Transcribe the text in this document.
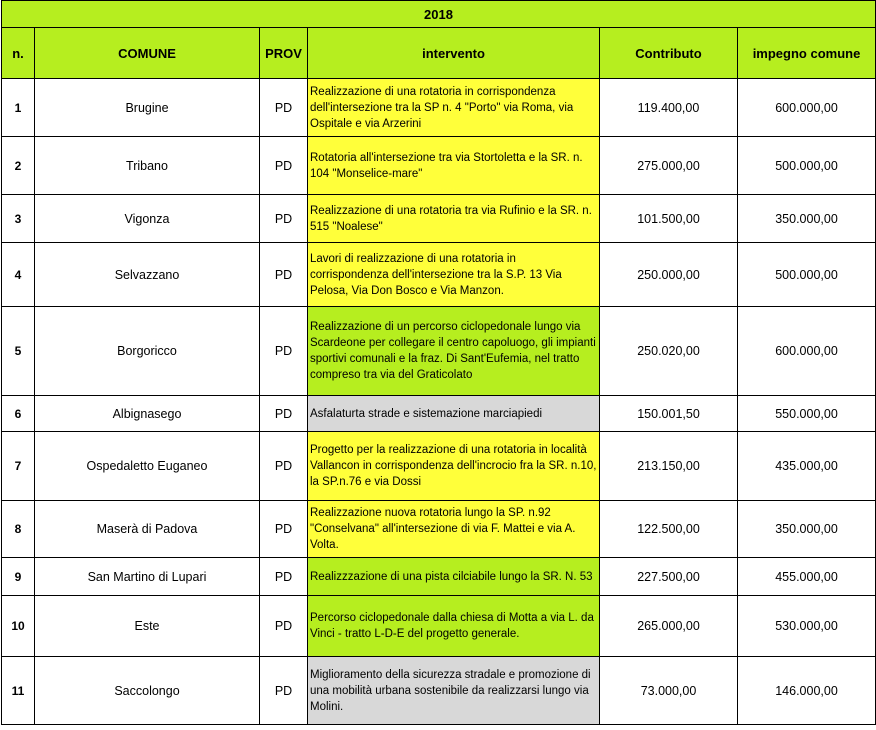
2018					
n.	COMUNE	PROV	intervento	Contributo	impegno comune
1	Brugine	PD	Realizzazione di una rotatoria in corrispondenza dell'intersezione tra la SP n. 4 "Porto" via Roma, via Ospitale e via Arzerini	119.400,00	600.000,00
2	Tribano	PD	Rotatoria all'intersezione tra via Stortoletta e la SR. n. 104 "Monselice-mare"	275.000,00	500.000,00
3	Vigonza	PD	Realizzazione di una rotatoria tra via Rufinio e la SR. n. 515 "Noalese"	101.500,00	350.000,00
4	Selvazzano	PD	Lavori di realizzazione di una rotatoria in corrispondenza dell'intersezione tra la S.P. 13 Via Pelosa, Via Don Bosco e Via Manzon.	250.000,00	500.000,00
5	Borgoricco	PD	Realizzazione di un percorso ciclopedonale lungo via Scardeone per collegare il centro capoluogo, gli impianti sportivi comunali e la fraz. Di Sant'Eufemia, nel tratto compreso tra via del Graticolato	250.020,00	600.000,00
6	Albignasego	PD	Asfalaturta strade e sistemazione marciapiedi	150.001,50	550.000,00
7	Ospedaletto Euganeo	PD	Progetto per la realizzazione di una rotatoria in località Vallancon in corrispondenza dell'incrocio fra la SR. n.10, la SP.n.76 e via Dossi	213.150,00	435.000,00
8	Maserà di Padova	PD	Realizzazione nuova rotatoria lungo la SP. n.92 "Conselvana" all'intersezione di via F. Mattei e via A. Volta.	122.500,00	350.000,00
9	San Martino di Lupari	PD	Realizzzazione di una pista cilciabile lungo la SR. N. 53	227.500,00	455.000,00
10	Este	PD	Percorso ciclopedonale dalla chiesa di Motta a via L. da Vinci - tratto L-D-E del progetto generale.	265.000,00	530.000,00
11	Saccolongo	PD	Miglioramento della sicurezza stradale e promozione di una mobilità urbana sostenibile da realizzarsi lungo via Molini.	73.000,00	146.000,00
